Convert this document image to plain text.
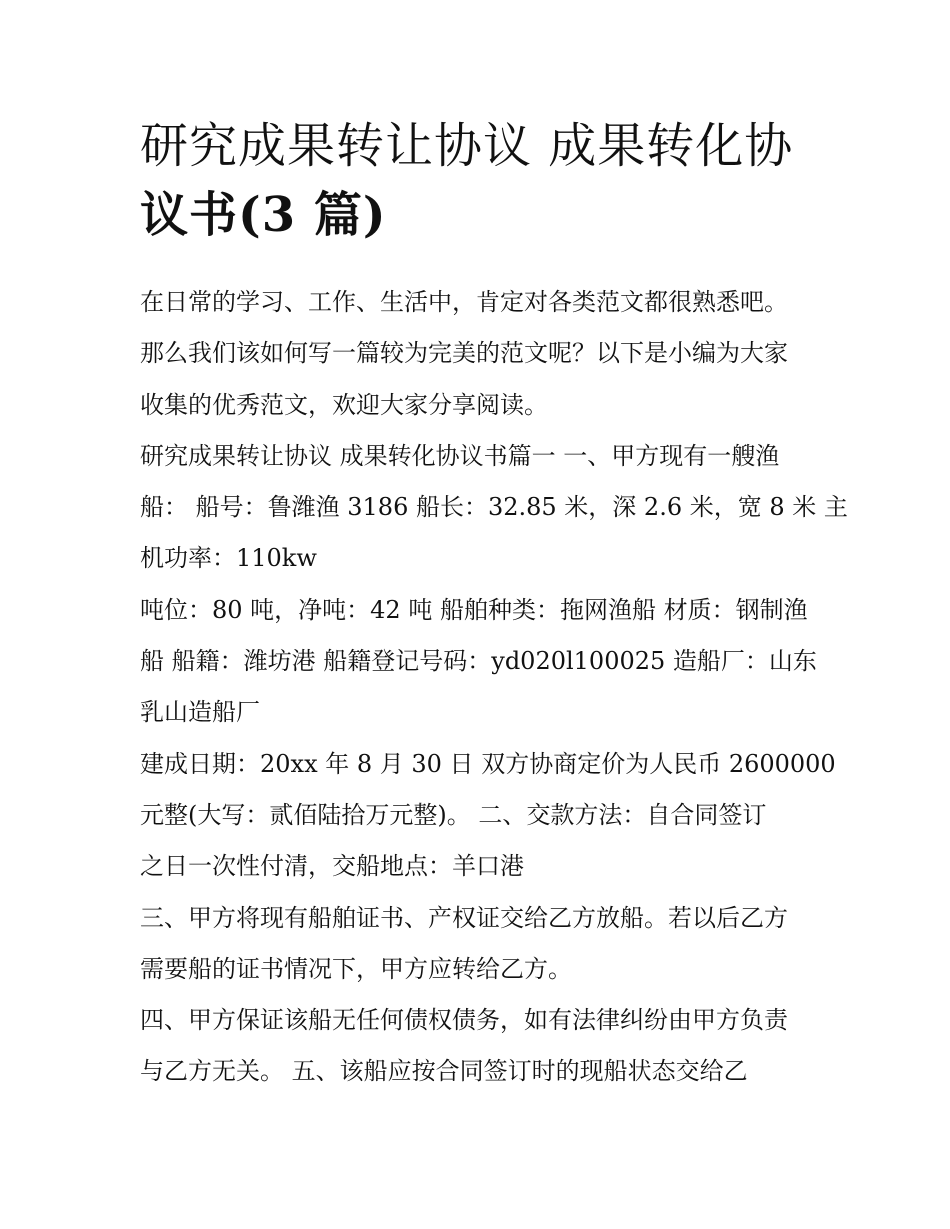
研究成果转让协议 成果转化协
议书(3 篇)
在日常的学习、工作、生活中，肯定对各类范文都很熟悉吧。
那么我们该如何写一篇较为完美的范文呢？以下是小编为大家
收集的优秀范文，欢迎大家分享阅读。
研究成果转让协议 成果转化协议书篇一 一、甲方现有一艘渔
船： 船号：鲁潍渔 3186 船长：32.85 米，深 2.6 米，宽 8 米 主
机功率：110kw
吨位：80 吨，净吨：42 吨 船舶种类：拖网渔船 材质：钢制渔
船 船籍：潍坊港 船籍登记号码：yd020l100025 造船厂：山东
乳山造船厂
建成日期：20xx 年 8 月 30 日 双方协商定价为人民币 2600000
元整(大写：贰佰陆拾万元整)。 二、交款方法：自合同签订
之日一次性付清，交船地点：羊口港
三、甲方将现有船舶证书、产权证交给乙方放船。若以后乙方
需要船的证书情况下，甲方应转给乙方。
四、甲方保证该船无任何债权债务，如有法律纠纷由甲方负责
与乙方无关。 五、该船应按合同签订时的现船状态交给乙
